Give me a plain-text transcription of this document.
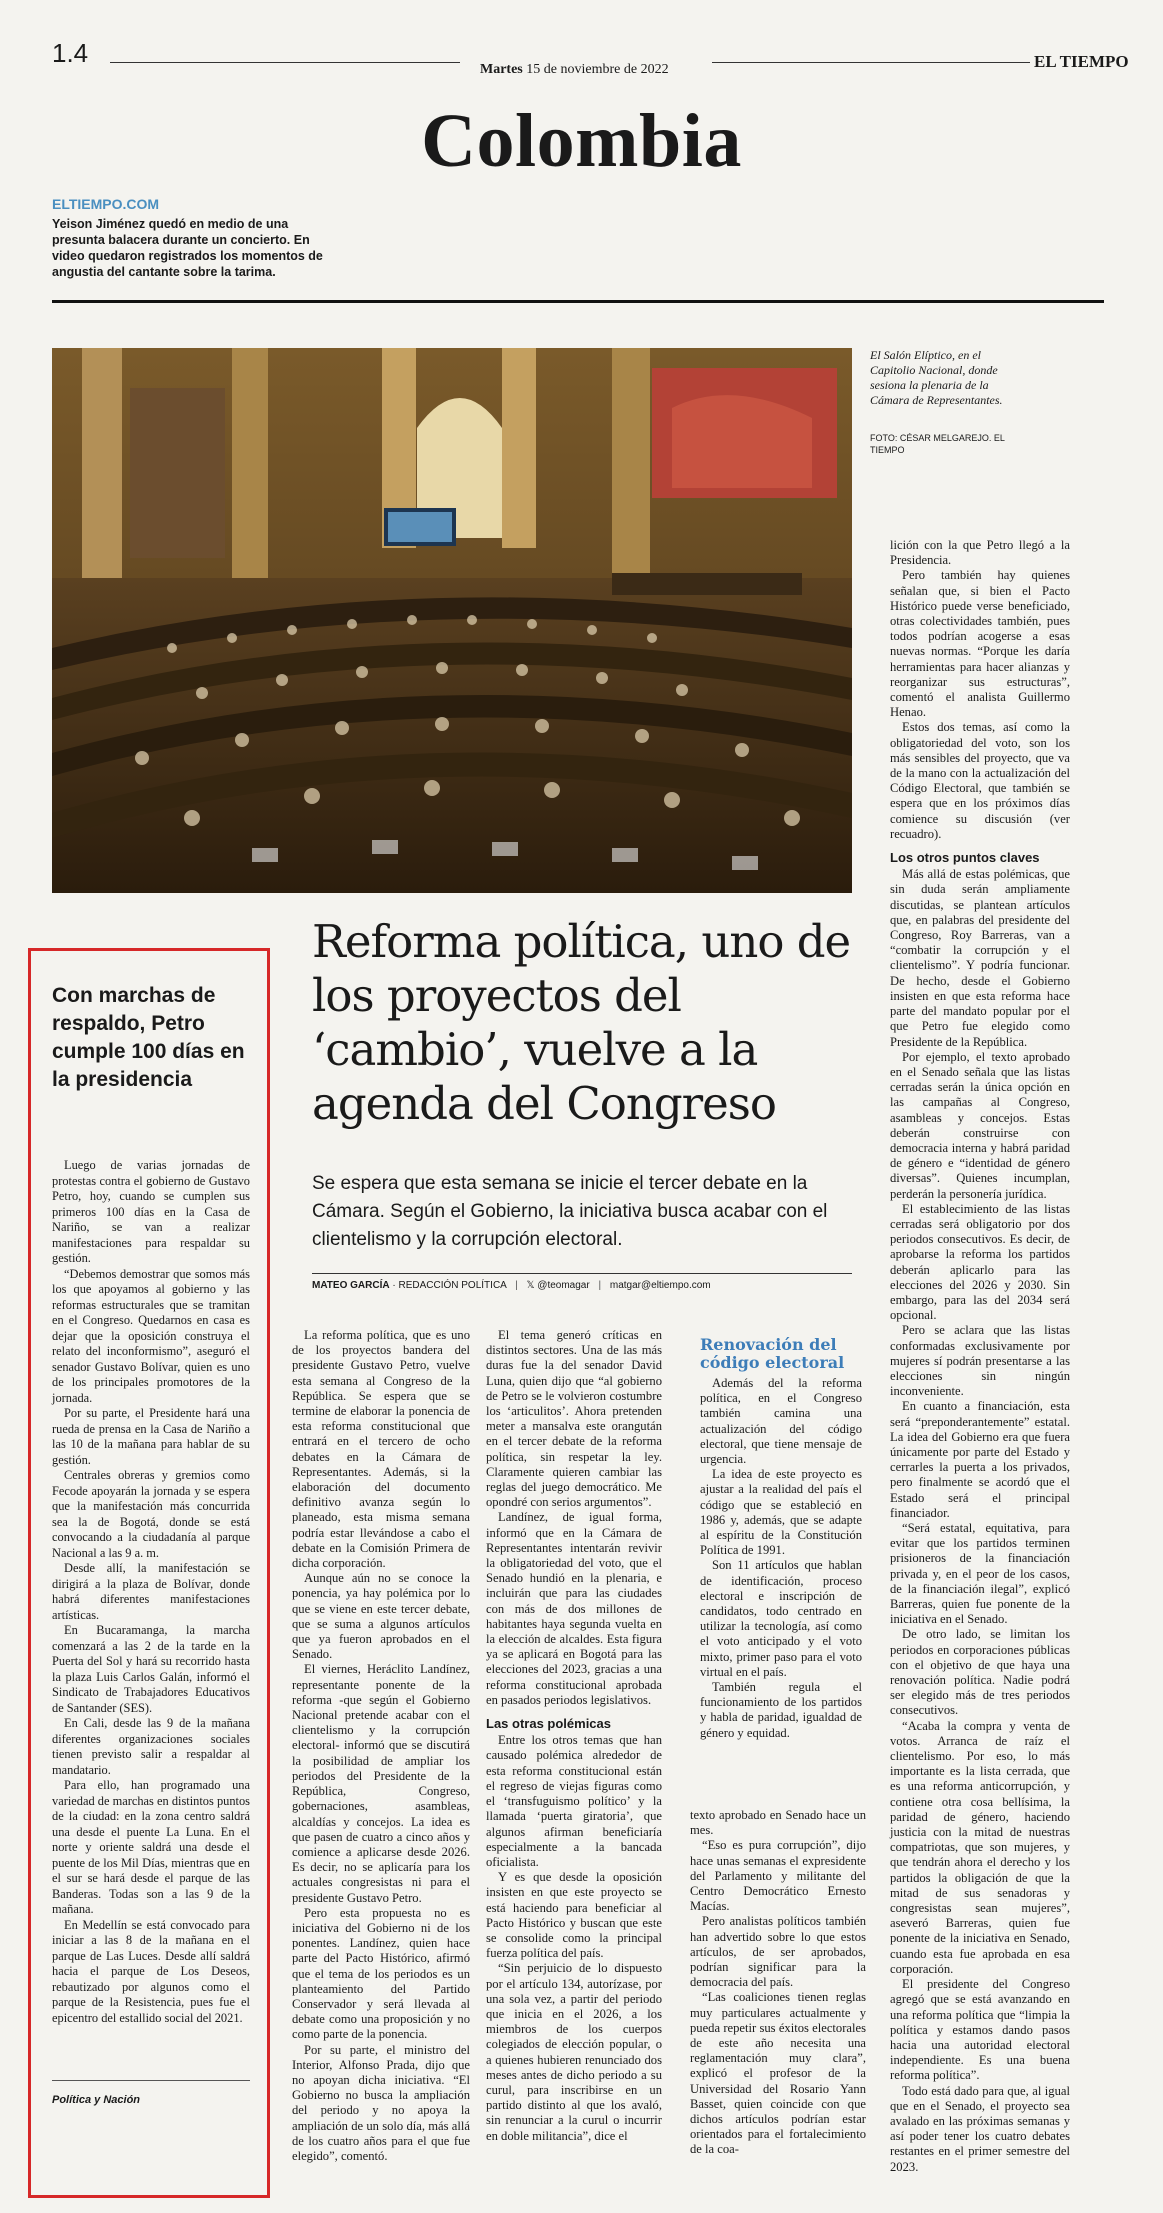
1.4
Martes 15 de noviembre de 2022	EL TIEMPO
Colombia
ELTIEMPO.COM
Yeison Jiménez quedó en medio de una presunta balacera durante un concierto. En video quedaron registrados los momentos de angustia del cantante sobre la tarima.
El Salón Elíptico, en el Capitolio Nacional, donde sesiona la plenaria de la Cámara de Representantes.
FOTO: CÉSAR MELGAREJO. EL TIEMPO
Con marchas de respaldo, Petro cumple 100 días en la presidencia

Luego de varias jornadas de protestas contra el gobierno de Gustavo Petro, hoy, cuando se cumplen sus primeros 100 días en la Casa de Nariño, se van a realizar manifestaciones para respaldar su gestión.

“Debemos demostrar que somos más los que apoyamos al gobierno y las reformas estructurales que se tramitan en el Congreso. Quedarnos en casa es dejar que la oposición construya el relato del inconformismo”, aseguró el senador Gustavo Bolívar, quien es uno de los principales promotores de la jornada.

Por su parte, el Presidente hará una rueda de prensa en la Casa de Nariño a las 10 de la mañana para hablar de su gestión.

Centrales obreras y gremios como Fecode apoyarán la jornada y se espera que la manifestación más concurrida sea la de Bogotá, donde se está convocando a la ciudadanía al parque Nacional a las 9 a. m.

Desde allí, la manifestación se dirigirá a la plaza de Bolívar, donde habrá diferentes manifestaciones artísticas.

En Bucaramanga, la marcha comenzará a las 2 de la tarde en la Puerta del Sol y hará su recorrido hasta la plaza Luis Carlos Galán, informó el Sindicato de Trabajadores Educativos de Santander (SES).

En Cali, desde las 9 de la mañana diferentes organizaciones sociales tienen previsto salir a respaldar al mandatario.

Para ello, han programado una variedad de marchas en distintos puntos de la ciudad: en la zona centro saldrá una desde el puente La Luna. En el norte y oriente saldrá una desde el puente de los Mil Días, mientras que en el sur se hará desde el parque de las Banderas. Todas son a las 9 de la mañana.

En Medellín se está convocado para iniciar a las 8 de la mañana en el parque de Las Luces. Desde allí saldrá hacia el parque de Los Deseos, rebautizado por algunos como el parque de la Resistencia, pues fue el epicentro del estallido social del 2021.

Política y Nación
Reforma política, uno de los proyectos del ‘cambio’, vuelve a la agenda del Congreso
Se espera que esta semana se inicie el tercer debate en la Cámara. Según el Gobierno, la iniciativa busca acabar con el clientelismo y la corrupción electoral.
MATEO GARCÍA · REDACCIÓN POLÍTICA | 𝕏 @teomagar | matgar@eltiempo.com

La reforma política, que es uno de los proyectos bandera del presidente Gustavo Petro, vuelve esta semana al Congreso de la República. Se espera que se termine de elaborar la ponencia de esta reforma constitucional que entrará en el tercero de ocho debates en la Cámara de Representantes. Además, si la elaboración del documento definitivo avanza según lo planeado, esta misma semana podría estar llevándose a cabo el debate en la Comisión Primera de dicha corporación.

Aunque aún no se conoce la ponencia, ya hay polémica por lo que se viene en este tercer debate, que se suma a algunos artículos que ya fueron aprobados en el Senado.

El viernes, Heráclito Landínez, representante ponente de la reforma -que según el Gobierno Nacional pretende acabar con el clientelismo y la corrupción electoral- informó que se discutirá la posibilidad de ampliar los periodos del Presidente de la República, Congreso, gobernaciones, asambleas, alcaldías y concejos. La idea es que pasen de cuatro a cinco años y comience a aplicarse desde 2026. Es decir, no se aplicaría para los actuales congresistas ni para el presidente Gustavo Petro.

Pero esta propuesta no es iniciativa del Gobierno ni de los ponentes. Landínez, quien hace parte del Pacto Histórico, afirmó que el tema de los periodos es un planteamiento del Partido Conservador y será llevada al debate como una proposición y no como parte de la ponencia.

Por su parte, el ministro del Interior, Alfonso Prada, dijo que no apoyan dicha iniciativa. “El Gobierno no busca la ampliación del periodo y no apoya la ampliación de un solo día, más allá de los cuatro años para el que fue elegido”, comentó.

El tema generó críticas en distintos sectores. Una de las más duras fue la del senador David Luna, quien dijo que “al gobierno de Petro se le volvieron costumbre los ‘articulitos’. Ahora pretenden meter a mansalva este orangután en el tercer debate de la reforma política, sin respetar la ley. Claramente quieren cambiar las reglas del juego democrático. Me opondré con serios argumentos”.

Landínez, de igual forma, informó que en la Cámara de Representantes intentarán revivir la obligatoriedad del voto, que el Senado hundió en la plenaria, e incluirán que para las ciudades con más de dos millones de habitantes haya segunda vuelta en la elección de alcaldes. Esta figura ya se aplicará en Bogotá para las elecciones del 2023, gracias a una reforma constitucional aprobada en pasados periodos legislativos.

Las otras polémicas

Entre los otros temas que han causado polémica alrededor de esta reforma constitucional están el regreso de viejas figuras como el ‘transfuguismo político’ y la llamada ‘puerta giratoria’, que algunos afirman beneficiaría especialmente a la bancada oficialista.

Y es que desde la oposición insisten en que este proyecto se está haciendo para beneficiar al Pacto Histórico y buscan que este se consolide como la principal fuerza política del país.

“Sin perjuicio de lo dispuesto por el artículo 134, autorízase, por una sola vez, a partir del periodo que inicia en el 2026, a los miembros de los cuerpos colegiados de elección popular, o a quienes hubieren renunciado dos meses antes de dicho periodo a su curul, para inscribirse en un partido distinto al que los avaló, sin renunciar a la curul o incurrir en doble militancia”, dice el

Renovación del código electoral

Además del la reforma política, en el Congreso también camina una actualización del código electoral, que tiene mensaje de urgencia.

La idea de este proyecto es ajustar a la realidad del país el código que se estableció en 1986 y, además, que se adapte al espíritu de la Constitución Política de 1991.

Son 11 artículos que hablan de identificación, proceso electoral e inscripción de candidatos, todo centrado en utilizar la tecnología, así como el voto anticipado y el voto mixto, primer paso para el voto virtual en el país.

También regula el funcionamiento de los partidos y habla de paridad, igualdad de género y equidad.

texto aprobado en Senado hace un mes.

“Eso es pura corrupción”, dijo hace unas semanas el expresidente del Parlamento y militante del Centro Democrático Ernesto Macías.

Pero analistas políticos también han advertido sobre lo que estos artículos, de ser aprobados, podrían significar para la democracia del país.

“Las coaliciones tienen reglas muy particulares actualmente y pueda repetir sus éxitos electorales de este año necesita una reglamentación muy clara”, explicó el profesor de la Universidad del Rosario Yann Basset, quien coincide con que dichos artículos podrían estar orientados para el fortalecimiento de la coa-

lición con la que Petro llegó a la Presidencia.

Pero también hay quienes señalan que, si bien el Pacto Histórico puede verse beneficiado, otras colectividades también, pues todos podrían acogerse a esas nuevas normas. “Porque les daría herramientas para hacer alianzas y reorganizar sus estructuras”, comentó el analista Guillermo Henao.

Estos dos temas, así como la obligatoriedad del voto, son los más sensibles del proyecto, que va de la mano con la actualización del Código Electoral, que también se espera que en los próximos días comience su discusión (ver recuadro).

Los otros puntos claves

Más allá de estas polémicas, que sin duda serán ampliamente discutidas, se plantean artículos que, en palabras del presidente del Congreso, Roy Barreras, van a “combatir la corrupción y el clientelismo”. Y podría funcionar. De hecho, desde el Gobierno insisten en que esta reforma hace parte del mandato popular por el que Petro fue elegido como Presidente de la República.

Por ejemplo, el texto aprobado en el Senado señala que las listas cerradas serán la única opción en las campañas al Congreso, asambleas y concejos. Estas deberán construirse con democracia interna y habrá paridad de género e “identidad de género diversas”. Quienes incumplan, perderán la personería jurídica.

El establecimiento de las listas cerradas será obligatorio por dos periodos consecutivos. Es decir, de aprobarse la reforma los partidos deberán aplicarlo para las elecciones del 2026 y 2030. Sin embargo, para las del 2034 será opcional.

Pero se aclara que las listas conformadas exclusivamente por mujeres sí podrán presentarse a las elecciones sin ningún inconveniente.

En cuanto a financiación, esta será “preponderantemente” estatal. La idea del Gobierno era que fuera únicamente por parte del Estado y cerrarles la puerta a los privados, pero finalmente se acordó que el Estado será el principal financiador.

“Será estatal, equitativa, para evitar que los partidos terminen prisioneros de la financiación privada y, en el peor de los casos, de la financiación ilegal”, explicó Barreras, quien fue ponente de la iniciativa en el Senado.

De otro lado, se limitan los periodos en corporaciones públicas con el objetivo de que haya una renovación política. Nadie podrá ser elegido más de tres periodos consecutivos.

“Acaba la compra y venta de votos. Arranca de raíz el clientelismo. Por eso, lo más importante es la lista cerrada, que es una reforma anticorrupción, y contiene otra cosa bellísima, la paridad de género, haciendo justicia con la mitad de nuestras compatriotas, que son mujeres, y que tendrán ahora el derecho y los partidos la obligación de que la mitad de sus senadoras y congresistas sean mujeres”, aseveró Barreras, quien fue ponente de la iniciativa en Senado, cuando esta fue aprobada en esa corporación.

El presidente del Congreso agregó que se está avanzando en una reforma política que “limpia la política y estamos dando pasos hacia una autoridad electoral independiente. Es una buena reforma política”.

Todo está dado para que, al igual que en el Senado, el proyecto sea avalado en las próximas semanas y así poder tener los cuatro debates restantes en el primer semestre del 2023.
